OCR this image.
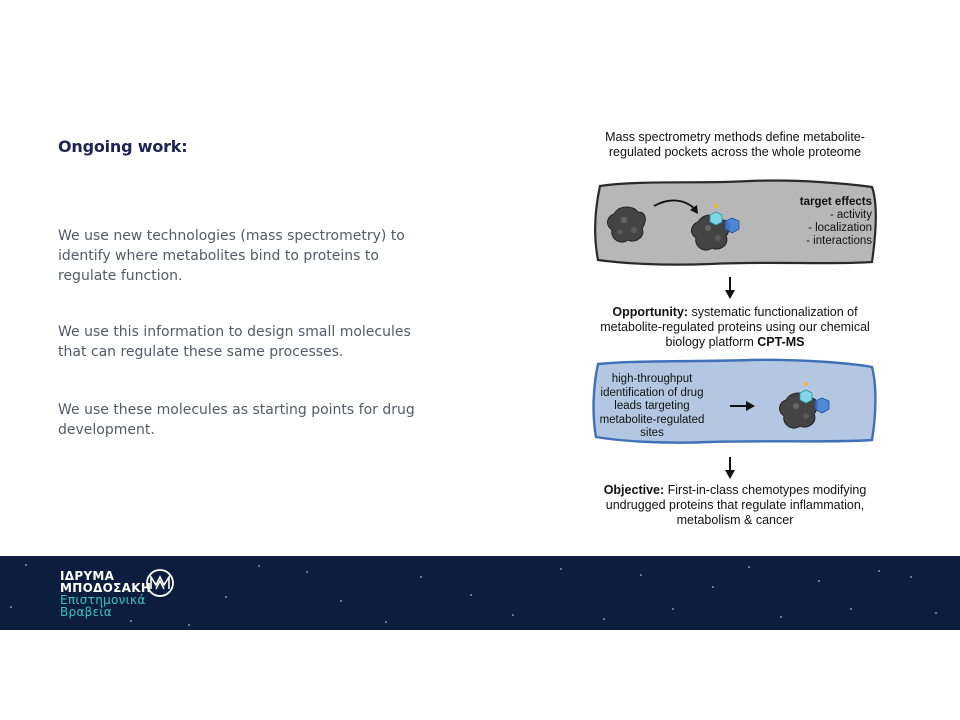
Ongoing work:
We use new technologies (mass spectrometry) to identify where metabolites bind to proteins to regulate function.
We use this information to design small molecules that can regulate these same processes.
We use these molecules as starting points for drug development.
Mass spectrometry methods define metabolite-regulated pockets across the whole proteome
target effects
- activity
- localization
- interactions
Opportunity: systematic functionalization of metabolite-regulated proteins using our chemical biology platform CPT-MS
high-throughput identification of drug leads targeting metabolite-regulated sites
Objective: First-in-class chemotypes modifying undrugged proteins that regulate inflammation, metabolism & cancer
ΙΔΡΥΜΑ
ΜΠΟΔΟΣΑΚΗ
Επιστημονικά
Βραβεία
